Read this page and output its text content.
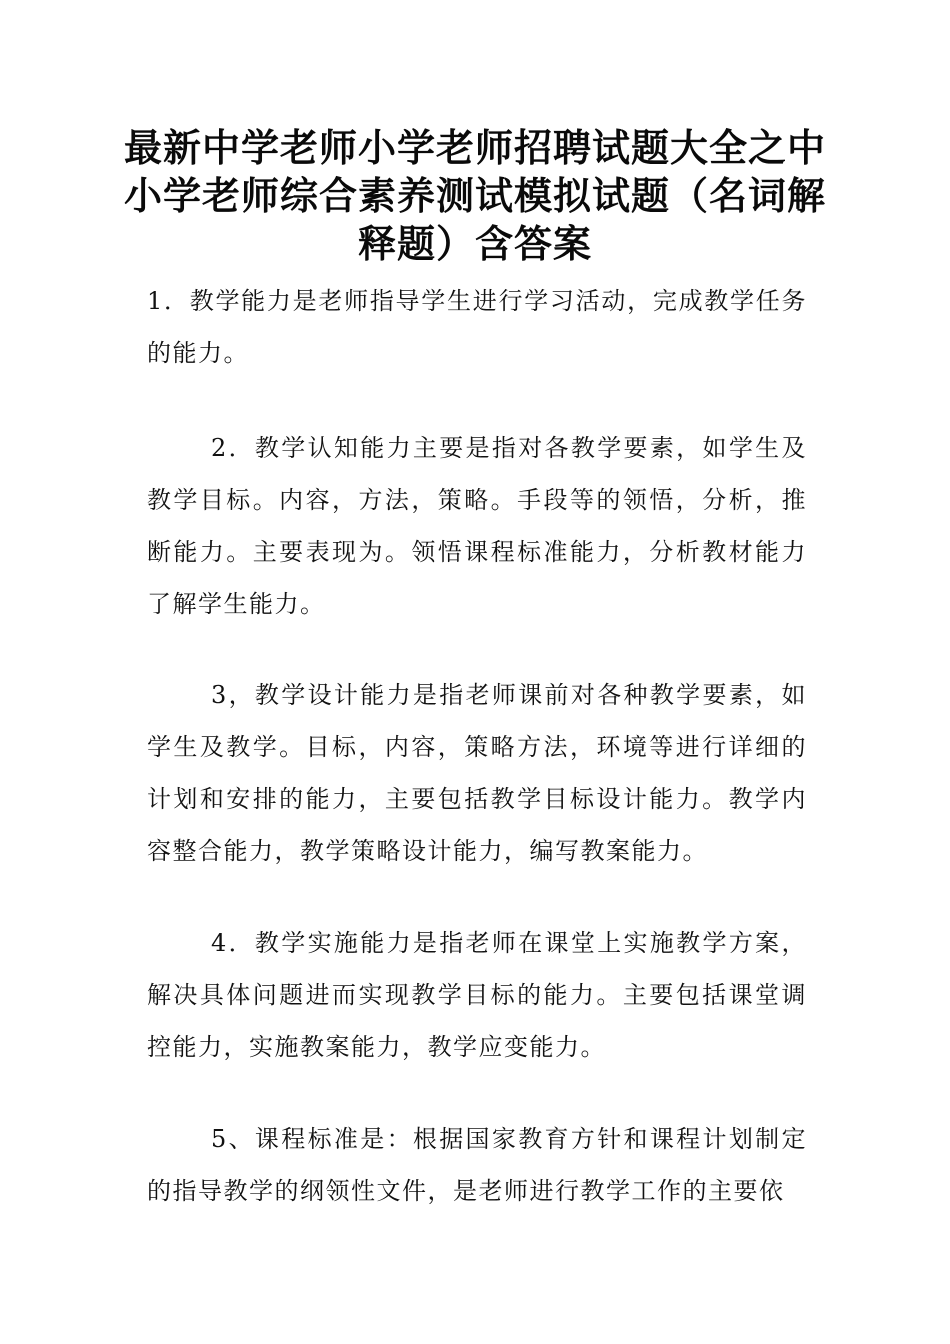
最新中学老师小学老师招聘试题大全之中小学老师综合素养测试模拟试题（名词解释题）含答案

1．教学能力是老师指导学生进行学习活动，完成教学任务的能力。

2．教学认知能力主要是指对各教学要素，如学生及教学目标。内容，方法，策略。手段等的领悟，分析，推断能力。主要表现为。领悟课程标准能力，分析教材能力了解学生能力。

3，教学设计能力是指老师课前对各种教学要素，如学生及教学。目标，内容，策略方法，环境等进行详细的计划和安排的能力，主要包括教学目标设计能力。教学内容整合能力，教学策略设计能力，编写教案能力。

4．教学实施能力是指老师在课堂上实施教学方案，解决具体问题进而实现教学目标的能力。主要包括课堂调控能力，实施教案能力，教学应变能力。

5、课程标准是：根据国家教育方针和课程计划制定的指导教学的纲领性文件，是老师进行教学工作的主要依
